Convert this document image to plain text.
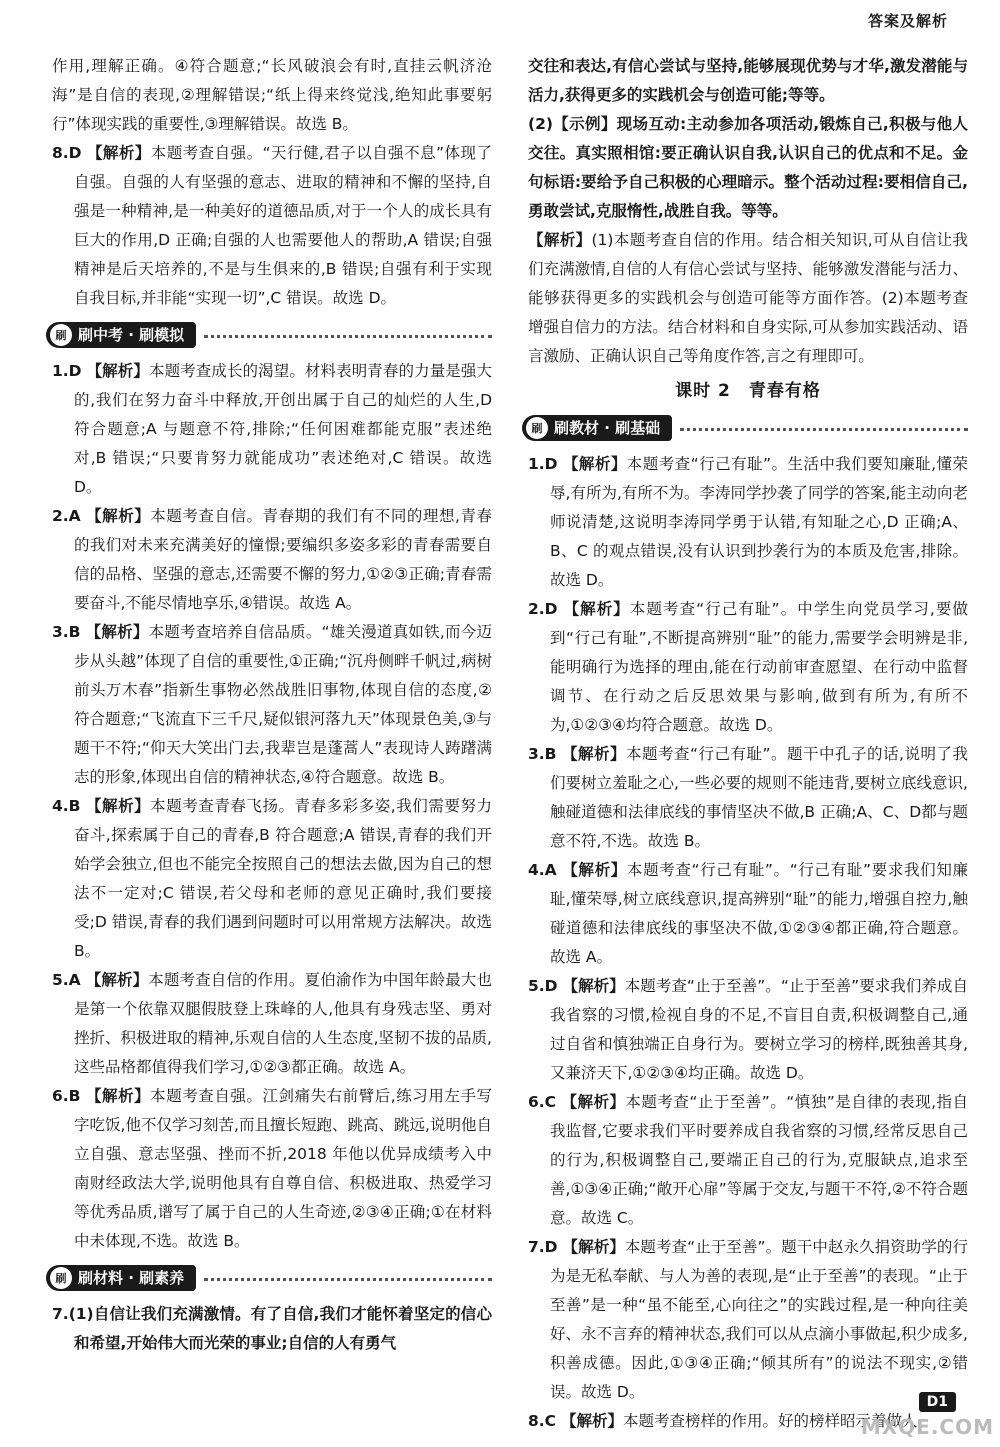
答案及解析

作用,理解正确。④符合题意;“长风破浪会有时,直挂云帆济沧海”是自信的表现,②理解错误;“纸上得来终觉浅,绝知此事要躬行”体现实践的重要性,③理解错误。故选 B。

8.D 【解析】本题考查自强。“天行健,君子以自强不息”体现了自强。自强的人有坚强的意志、进取的精神和不懈的坚持,自强是一种精神,是一种美好的道德品质,对于一个人的成长具有巨大的作用,D 正确;自强的人也需要他人的帮助,A 错误;自强精神是后天培养的,不是与生俱来的,B 错误;自强有利于实现自我目标,并非能“实现一切”,C 错误。故选 D。

刷 刷中考 · 刷模拟

1.D 【解析】本题考查成长的渴望。材料表明青春的力量是强大的,我们在努力奋斗中释放,开创出属于自己的灿烂的人生,D 符合题意;A 与题意不符,排除;“任何困难都能克服”表述绝对,B 错误;“只要肯努力就能成功”表述绝对,C 错误。故选 D。

2.A 【解析】本题考查自信。青春期的我们有不同的理想,青春的我们对未来充满美好的憧憬;要编织多姿多彩的青春需要自信的品格、坚强的意志,还需要不懈的努力,①②③正确;青春需要奋斗,不能尽情地享乐,④错误。故选 A。

3.B 【解析】本题考查培养自信品质。“雄关漫道真如铁,而今迈步从头越”体现了自信的重要性,①正确;“沉舟侧畔千帆过,病树前头万木春”指新生事物必然战胜旧事物,体现自信的态度,②符合题意;“飞流直下三千尺,疑似银河落九天”体现景色美,③与题干不符;“仰天大笑出门去,我辈岂是蓬蒿人”表现诗人踌躇满志的形象,体现出自信的精神状态,④符合题意。故选 B。

4.B 【解析】本题考查青春飞扬。青春多彩多姿,我们需要努力奋斗,探索属于自己的青春,B 符合题意;A 错误,青春的我们开始学会独立,但也不能完全按照自己的想法去做,因为自己的想法不一定对;C 错误,若父母和老师的意见正确时,我们要接受;D 错误,青春的我们遇到问题时可以用常规方法解决。故选 B。

5.A 【解析】本题考查自信的作用。夏伯渝作为中国年龄最大也是第一个依靠双腿假肢登上珠峰的人,他具有身残志坚、勇对挫折、积极进取的精神,乐观自信的人生态度,坚韧不拔的品质,这些品格都值得我们学习,①②③都正确。故选 A。

6.B 【解析】本题考查自强。江剑痛失右前臂后,练习用左手写字吃饭,他不仅学习刻苦,而且擅长短跑、跳高、跳远,说明他自立自强、意志坚强、挫而不折,2018 年他以优异成绩考入中南财经政法大学,说明他具有自尊自信、积极进取、热爱学习等优秀品质,谱写了属于自己的人生奇迹,②③④正确;①在材料中未体现,不选。故选 B。

刷 刷材料 · 刷素养

7.(1)自信让我们充满激情。有了自信,我们才能怀着坚定的信心和希望,开始伟大而光荣的事业;自信的人有勇气

交往和表达,有信心尝试与坚持,能够展现优势与才华,激发潜能与活力,获得更多的实践机会与创造可能;等等。

(2)【示例】现场互动:主动参加各项活动,锻炼自己,积极与他人交往。真实照相馆:要正确认识自我,认识自己的优点和不足。金句标语:要给予自己积极的心理暗示。整个活动过程:要相信自己,勇敢尝试,克服惰性,战胜自我。等等。

【解析】(1)本题考查自信的作用。结合相关知识,可从自信让我们充满激情,自信的人有信心尝试与坚持、能够激发潜能与活力、能够获得更多的实践机会与创造可能等方面作答。(2)本题考查增强自信力的方法。结合材料和自身实际,可从参加实践活动、语言激励、正确认识自己等角度作答,言之有理即可。

课时 2　青春有格
刷 刷教材 · 刷基础

1.D 【解析】本题考查“行己有耻”。生活中我们要知廉耻,懂荣辱,有所为,有所不为。李涛同学抄袭了同学的答案,能主动向老师说清楚,这说明李涛同学勇于认错,有知耻之心,D 正确;A、B、C 的观点错误,没有认识到抄袭行为的本质及危害,排除。故选 D。

2.D 【解析】本题考查“行己有耻”。中学生向党员学习,要做到“行己有耻”,不断提高辨别“耻”的能力,需要学会明辨是非,能明确行为选择的理由,能在行动前审查愿望、在行动中监督调节、在行动之后反思效果与影响,做到有所为,有所不为,①②③④均符合题意。故选 D。

3.B 【解析】本题考查“行己有耻”。题干中孔子的话,说明了我们要树立羞耻之心,一些必要的规则不能违背,要树立底线意识,触碰道德和法律底线的事情坚决不做,B 正确;A、C、D都与题意不符,不选。故选 B。

4.A 【解析】本题考查“行己有耻”。“行己有耻”要求我们知廉耻,懂荣辱,树立底线意识,提高辨别“耻”的能力,增强自控力,触碰道德和法律底线的事坚决不做,①②③④都正确,符合题意。故选 A。

5.D 【解析】本题考查“止于至善”。“止于至善”要求我们养成自我省察的习惯,检视自身的不足,不盲目自责,积极调整自己,通过自省和慎独端正自身行为。要树立学习的榜样,既独善其身,又兼济天下,①②③④均正确。故选 D。

6.C 【解析】本题考查“止于至善”。“慎独”是自律的表现,指自我监督,它要求我们平时要养成自我省察的习惯,经常反思自己的行为,积极调整自己,要端正自己的行为,克服缺点,追求至善,①③④正确;“敞开心扉”等属于交友,与题干不符,②不符合题意。故选 C。

7.D 【解析】本题考查“止于至善”。题干中赵永久捐资助学的行为是无私奉献、与人为善的表现,是“止于至善”的表现。“止于至善”是一种“虽不能至,心向往之”的实践过程,是一种向往美好、永不言弃的精神状态,我们可以从点滴小事做起,积少成多,积善成德。因此,①③④正确;“倾其所有”的说法不现实,②错误。故选 D。

8.C 【解析】本题考查榜样的作用。好的榜样昭示着做人

D1
MXQE.COM
